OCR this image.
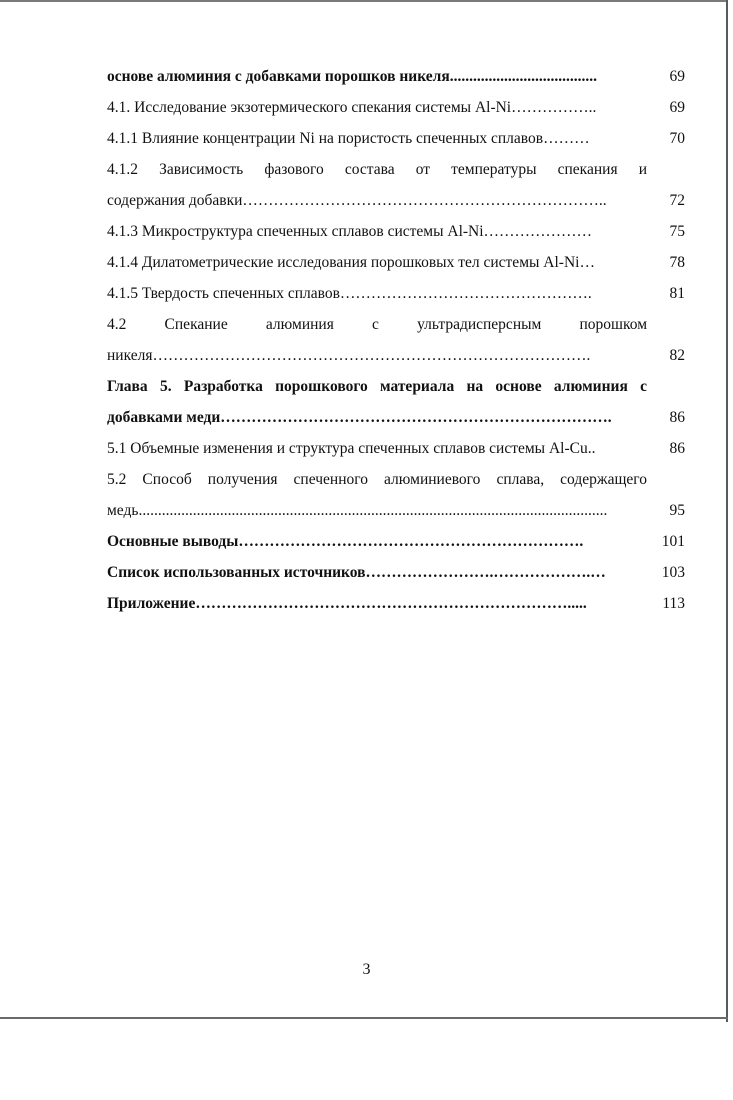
основе алюминия с добавками порошков никеля......................................	69
4.1. Исследование экзотермического спекания системы Al-Ni……………..	69
4.1.1 Влияние концентрации Ni на пористость спеченных сплавов………	70
4.1.2 Зависимость фазового состава от температуры спекания и
содержания добавки……………………………………………………………..	72
4.1.3 Микроструктура спеченных сплавов системы Al-Ni…………………	75
4.1.4 Дилатометрические исследования порошковых тел системы Al-Ni…	78
4.1.5 Твердость спеченных сплавов………………………………………….	81
4.2 Спекание алюминия с ультрадисперсным порошком
никеля………………………………………………………………………….	82
Глава 5. Разработка порошкового материала на основе алюминия с
добавками меди………………………………………………………………….	86
5.1 Объемные изменения и структура спеченных сплавов системы Al-Cu..	86
5.2 Способ получения спеченного алюминиевого сплава, содержащего
медь.........................................................................................................................	95
Основные выводы………………………………………………………….	101
Список использованных источников…………………….……………….…	103
Приложение……………………………………………………………….....	113
3
